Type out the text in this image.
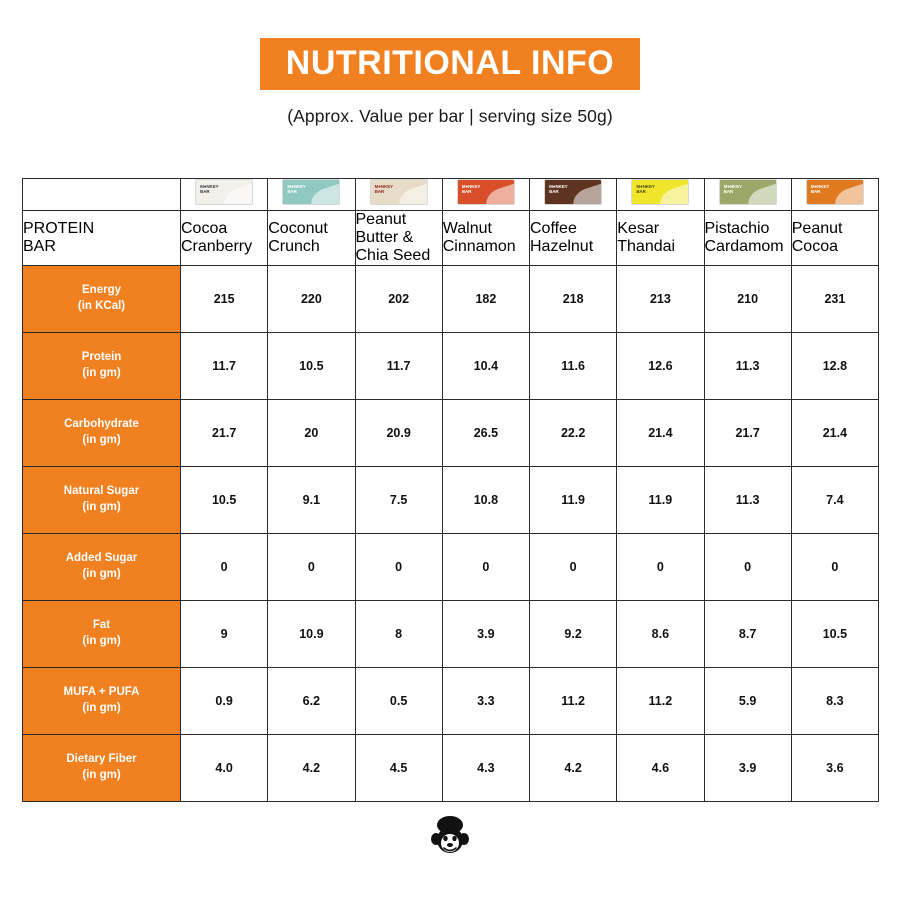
NUTRITIONAL INFO
(Approx. Value per bar | serving size 50g)

	M●NKEY
BAR	M●NKEY
BAR	M●NKEY
BAR	M●NKEY
BAR	M●NKEY
BAR	M●NKEY
BAR	M●NKEY
BAR	M●NKEY
BAR

PROTEIN
BAR	Cocoa Cranberry	Coconut Crunch	Peanut Butter & Chia Seed	Walnut Cinnamon	Coffee Hazelnut	Kesar Thandai	Pistachio Cardamom	Peanut Cocoa
Energy
(in KCal)	215	220	202	182	218	213	210	231
Protein
(in gm)	11.7	10.5	11.7	10.4	11.6	12.6	11.3	12.8
Carbohydrate
(in gm)	21.7	20	20.9	26.5	22.2	21.4	21.7	21.4
Natural Sugar
(in gm)	10.5	9.1	7.5	10.8	11.9	11.9	11.3	7.4
Added Sugar
(in gm)	0	0	0	0	0	0	0	0
Fat
(in gm)	9	10.9	8	3.9	9.2	8.6	8.7	10.5
MUFA + PUFA
(in gm)	0.9	6.2	0.5	3.3	11.2	11.2	5.9	8.3
Dietary Fiber
(in gm)	4.0	4.2	4.5	4.3	4.2	4.6	3.9	3.6
